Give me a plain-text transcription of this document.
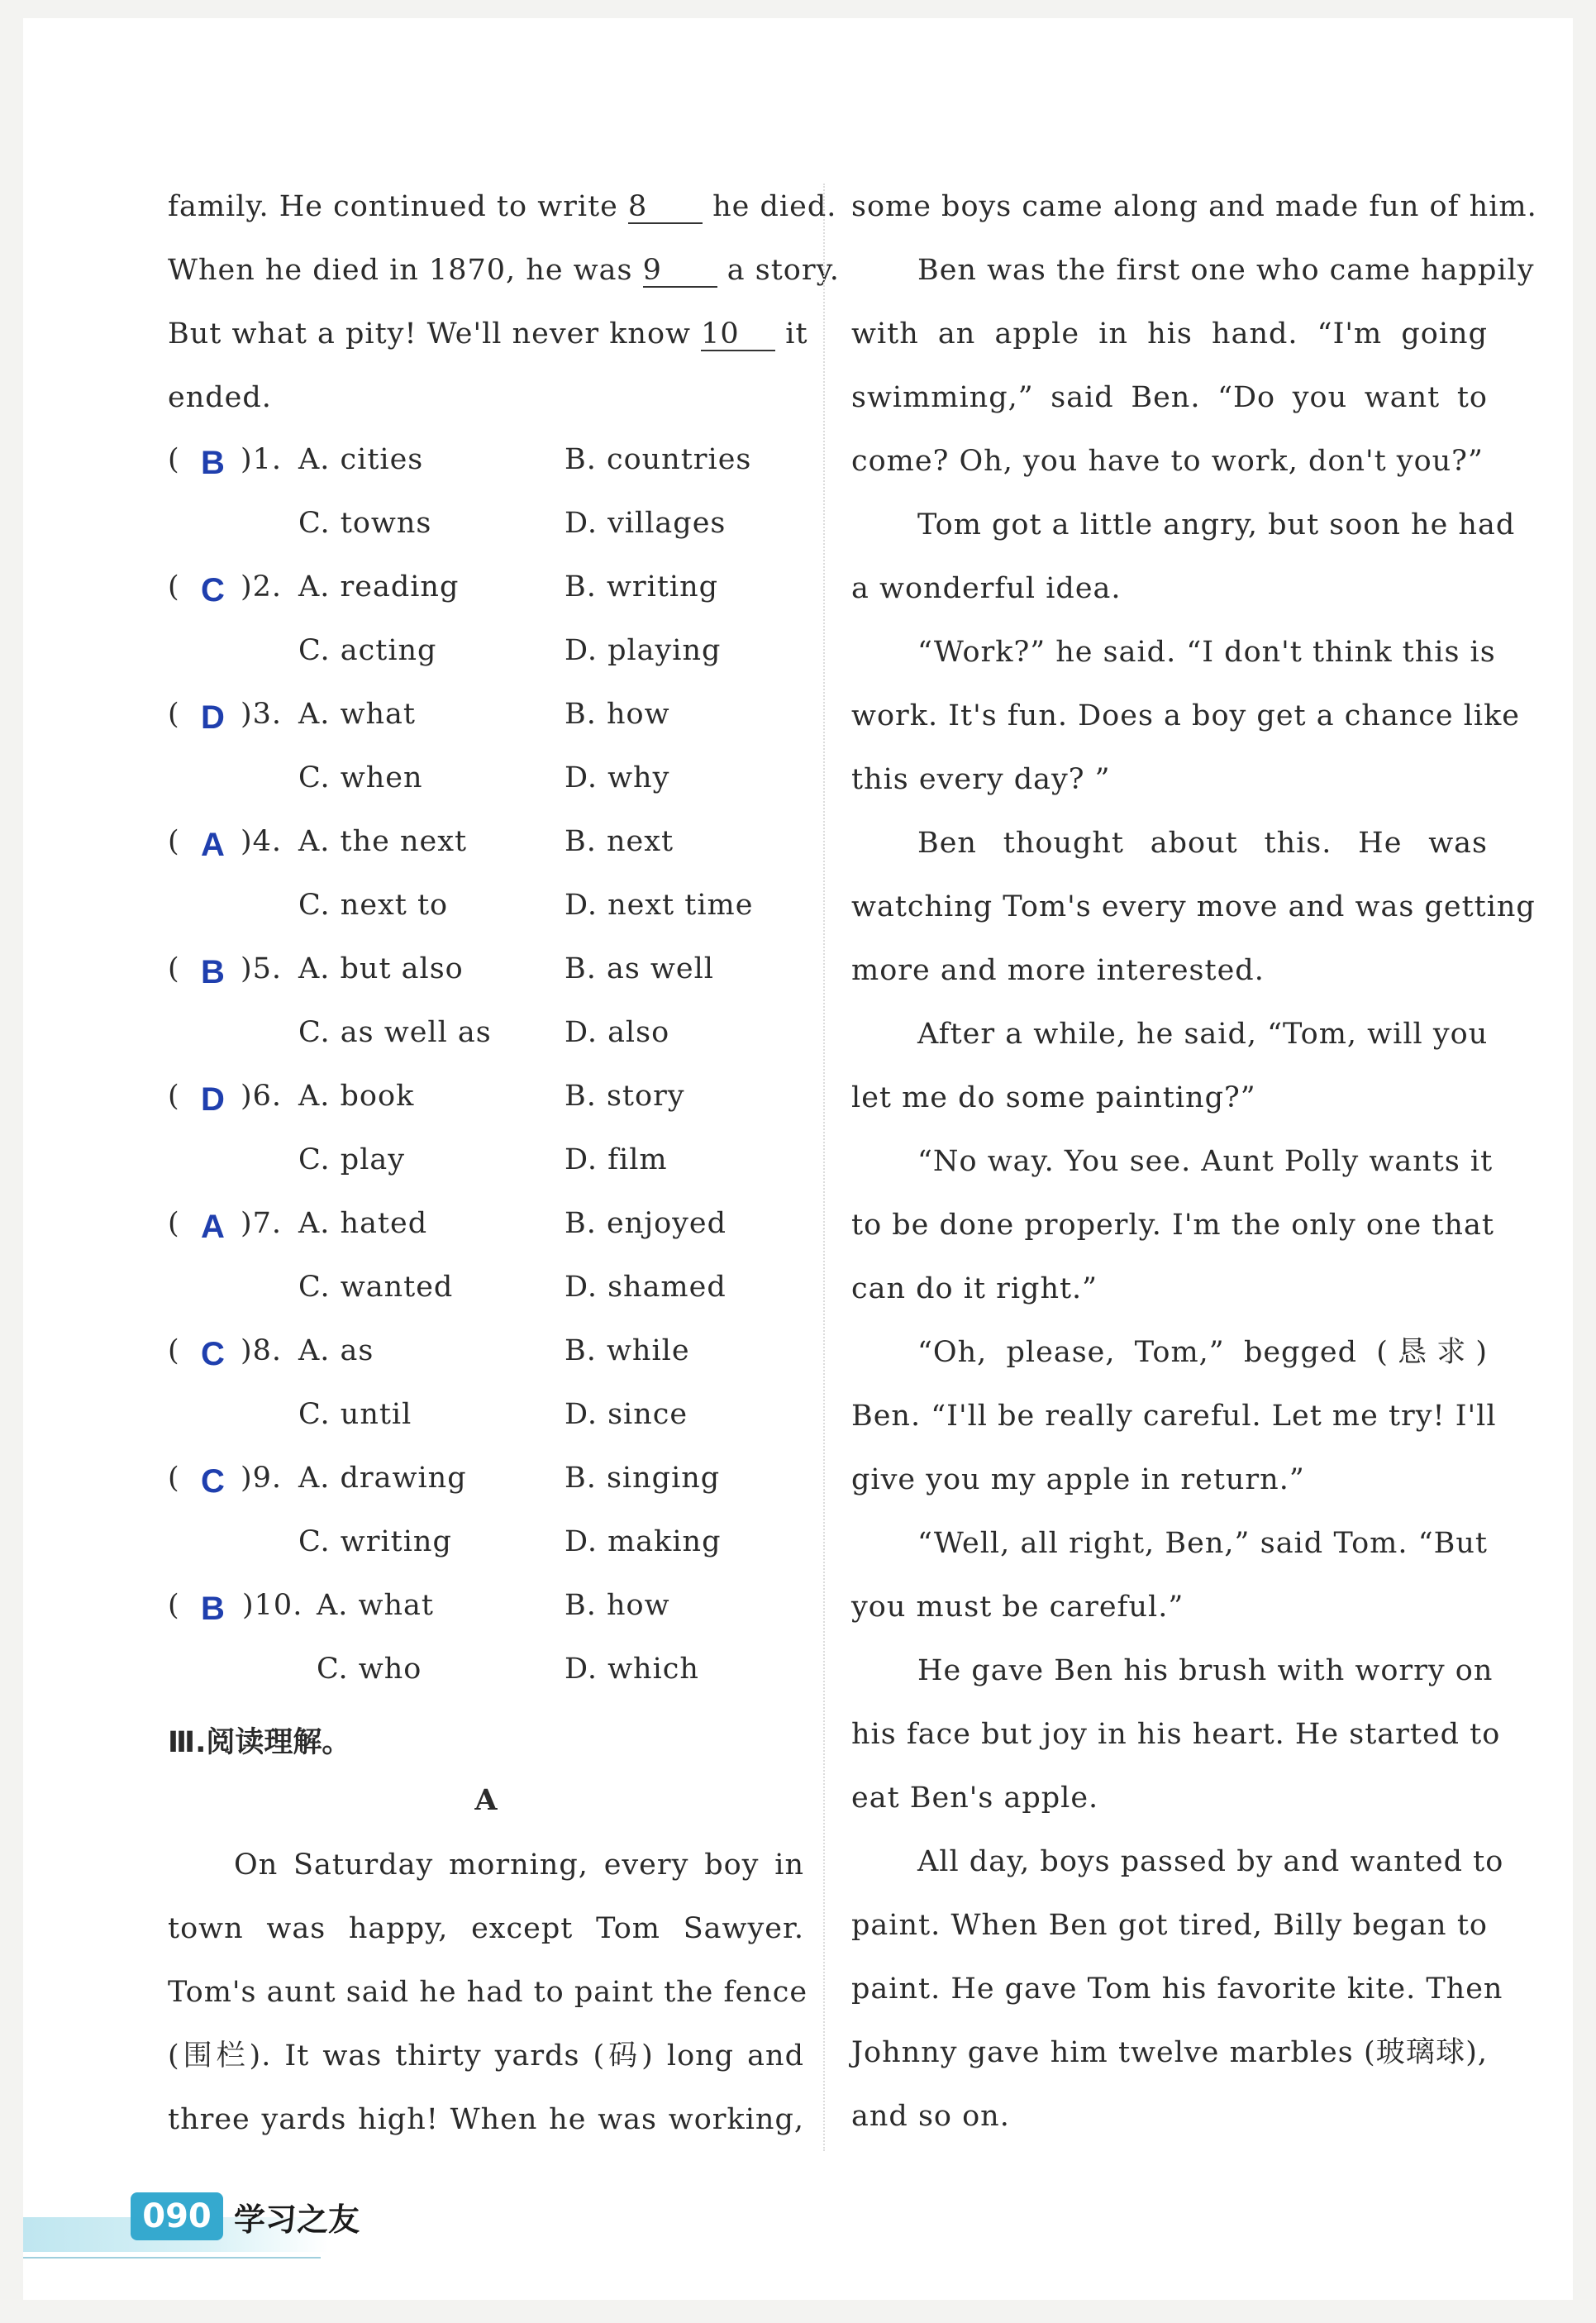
family. He continued to write 8 he died.
When he died in 1870, he was 9 a story.
But what a pity! We'll never know 10 it
ended.
( B )1. A. cities	B. countries
C. towns	D. villages
( C )2. A. reading	B. writing
C. acting	D. playing
( D )3. A. what	B. how
C. when	D. why
( A )4. A. the next	B. next
C. next to	D. next time
( B )5. A. but also	B. as well
C. as well as	D. also
( D )6. A. book	B. story
C. play	D. film
( A )7. A. hated	B. enjoyed
C. wanted	D. shamed
( C )8. A. as	B. while
C. until	D. since
( C )9. A. drawing	B. singing
C. writing	D. making
( B )10. A. what	B. how
C. who	D. which
Ⅲ.阅读理解。
A
On Saturday morning, every boy in
town was happy, except Tom Sawyer.
Tom's aunt said he had to paint the fence
(围栏). It was thirty yards (码) long and
three yards high! When he was working,
some boys came along and made fun of him.
Ben was the first one who came happily
with an apple in his hand. “I'm going
swimming,” said Ben. “Do you want to
come? Oh, you have to work, don't you?”
Tom got a little angry, but soon he had
a wonderful idea.
“Work?” he said. “I don't think this is
work. It's fun. Does a boy get a chance like
this every day? ”
Ben thought about this. He was
watching Tom's every move and was getting
more and more interested.
After a while, he said, “Tom, will you
let me do some painting?”
“No way. You see. Aunt Polly wants it
to be done properly. I'm the only one that
can do it right.”
“Oh, please, Tom,” begged (恳求)
Ben. “I'll be really careful. Let me try! I'll
give you my apple in return.”
“Well, all right, Ben,” said Tom. “But
you must be careful.”
He gave Ben his brush with worry on
his face but joy in his heart. He started to
eat Ben's apple.
All day, boys passed by and wanted to
paint. When Ben got tired, Billy began to
paint. He gave Tom his favorite kite. Then
Johnny gave him twelve marbles (玻璃球),
and so on.
090 学习之友
